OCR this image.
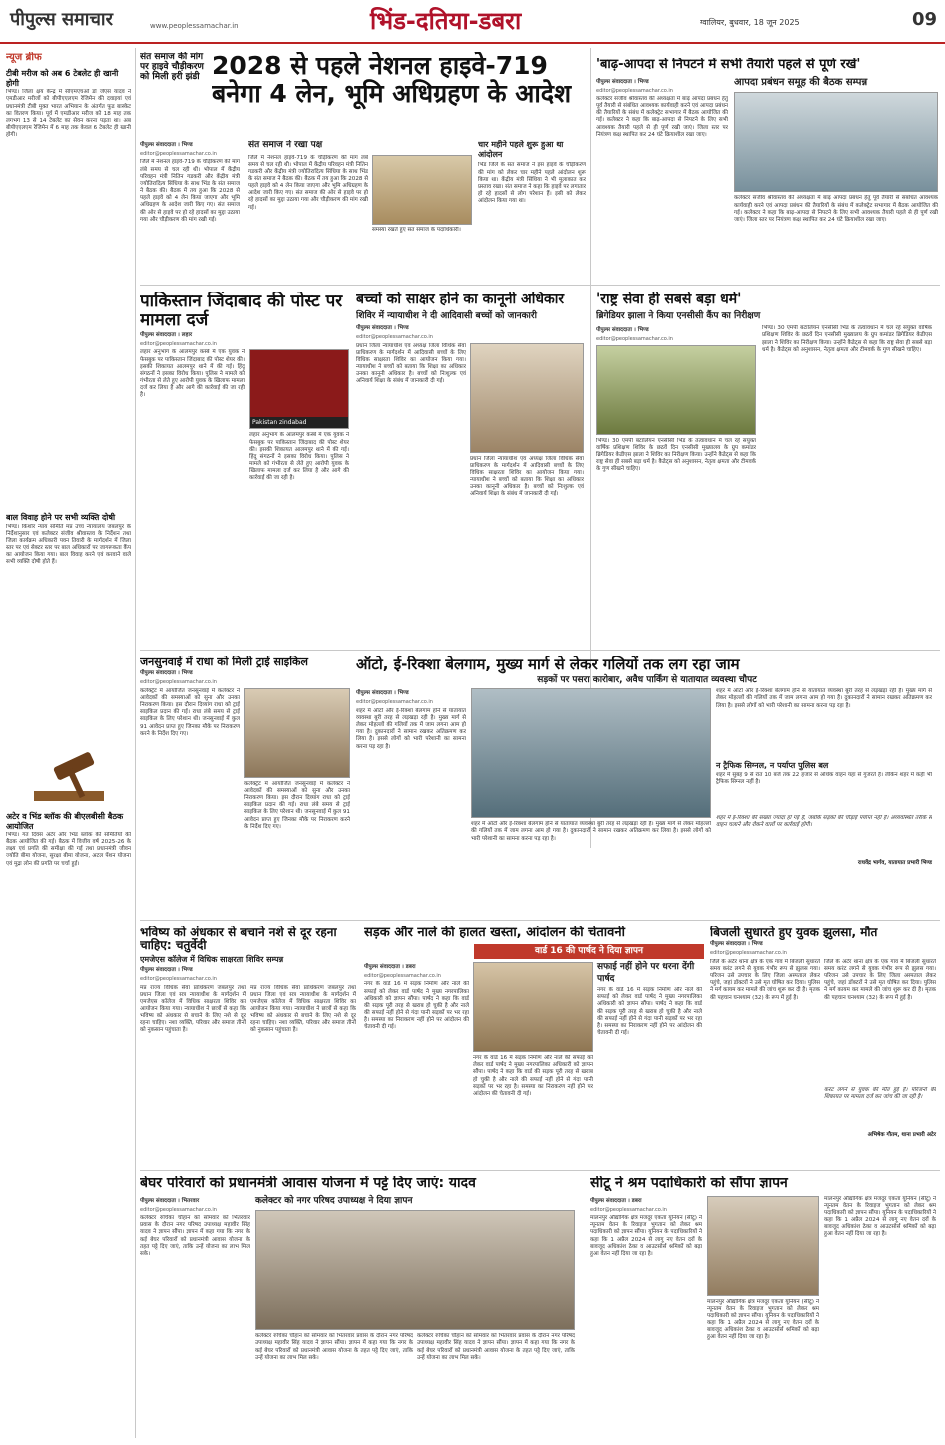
पीपुल्स समाचार	www.peoplessamachar.in	भिंड-दतिया-डबरा	ग्वालियर, बुधवार, 18 जून 2025	09
न्यूज ब्रीफ
टीबी मरीज को अब 6 टेबलेट ही खानी होगी
भिण्ड। जिला क्षय केन्द्र में सीएमएचओ डॉ जेएस यादव ने एमडीआर मरीजों को बीपीएएलएम रेजिमेन की दवाइयां एवं प्रधानमंत्री टीबी मुक्त भारत अभियान के अंतर्गत फूड बास्केट का वितरण किया। पूर्व में एमडीआर मरीज को 18 माह तक लगभग 13 से 14 टेबलेट का सेवन करना पड़ता था। अब बीपीएएलएम रेजिमेन में 6 माह तक केवल 6 टेबलेट ही खानी होगी।
बाल विवाह होने पर सभी व्यक्ति दोषी
भिण्ड। किशोर न्याय समिति मप्र उच्च न्यायालय जबलपुर के निर्देशानुसार एवं कलेक्टर संजीव श्रीवास्तव के निर्देशन तथा जिला कार्यक्रम अधिकारी पवन तिवारी के मार्गदर्शन में जिला स्तर पर एवं सेक्टर स्तर पर बाल अधिकारों पर जागरूकता कैंप का आयोजन किया गया। बाल विवाह करने एवं करवाने वाले सभी व्यक्ति दोषी होते हैं।
अटेर व भिंड ब्लॉक की बीएलबीसी बैठक आयोजित
भिण्ड। गत दिवस अटेर और भिंड ब्लॉक की समितियों की बैठक आयोजित की गई। बैठक में वित्तीय वर्ष 2025-26 के लक्ष्य एवं प्रगति की समीक्षा की गई तथा प्रधानमंत्री जीवन ज्योति बीमा योजना, सुरक्षा बीमा योजना, अटल पेंशन योजना एवं मुद्रा लोन की प्रगति पर चर्चा हुई।
संत समाज की मांग पर हाइवे चौड़ीकरण को मिली हरी झंडी 2028 से पहले नेशनल हाइवे-719 बनेगा 4 लेन, भूमि अधिग्रहण के आदेश
पीपुल्स संवाददाता । भिण्ड
editor@peoplessamachar.co.in
जिले में नेशनल हाइवे-719 के चौड़ीकरण की मांग लंबे समय से चल रही थी। भोपाल में केंद्रीय परिवहन मंत्री नितिन गडकरी और केंद्रीय मंत्री ज्योतिरादित्य सिंधिया के साथ भिंड के संत समाज ने बैठक की। बैठक में तय हुआ कि 2028 से पहले हाइवे को 4 लेन किया जाएगा और भूमि अधिग्रहण के आदेश जारी किए गए। संत समाज की ओर से हाइवे पर हो रहे हादसों का मुद्दा उठाया गया और चौड़ीकरण की मांग रखी गई।
संत समाज ने रखा पक्ष
जिले में नेशनल हाइवे-719 के चौड़ीकरण की मांग लंबे समय से चल रही थी। भोपाल में केंद्रीय परिवहन मंत्री नितिन गडकरी और केंद्रीय मंत्री ज्योतिरादित्य सिंधिया के साथ भिंड के संत समाज ने बैठक की। बैठक में तय हुआ कि 2028 से पहले हाइवे को 4 लेन किया जाएगा और भूमि अधिग्रहण के आदेश जारी किए गए। संत समाज की ओर से हाइवे पर हो रहे हादसों का मुद्दा उठाया गया और चौड़ीकरण की मांग रखी गई।
समस्या रखते हुए संत समाज के पदाधिकारी।
चार महीने पहले शुरू हुआ था आंदोलन
भिंड जिले के संत समाज ने इस हाइवे के चौड़ीकरण की मांग को लेकर चार महीने पहले आंदोलन शुरू किया था। केंद्रीय मंत्री सिंधिया ने भी मुलाकात कर प्रस्ताव रखा। संत समाज ने कहा कि हाइवे पर लगातार हो रहे हादसों से लोग परेशान हैं। इसी को लेकर आंदोलन किया गया था।
'बाढ़-आपदा से निपटने में सभी तैयारी पहले से पूर्ण रखें'
पीपुल्स संवाददाता । भिण्ड
editor@peoplessamachar.co.in
कलेक्टर संजीव श्रीवास्तव की अध्यक्षता में बाढ़ आपदा प्रबंधन हेतु पूर्व तैयारी से संबंधित आवश्यक कार्यवाही करने एवं आपदा प्रबंधन की तैयारियों के संबंध में कलेक्ट्रेट सभागार में बैठक आयोजित की गई। कलेक्टर ने कहा कि बाढ़-आपदा से निपटने के लिए सभी आवश्यक तैयारी पहले से ही पूर्ण रखी जाएं। जिला स्तर पर नियंत्रण कक्ष स्थापित कर 24 घंटे क्रियाशील रखा जाए।
आपदा प्रबंधन समूह की बैठक सम्पन्न
कलेक्टर संजीव श्रीवास्तव की अध्यक्षता में बाढ़ आपदा प्रबंधन हेतु पूर्व तैयारी से संबंधित आवश्यक कार्यवाही करने एवं आपदा प्रबंधन की तैयारियों के संबंध में कलेक्ट्रेट सभागार में बैठक आयोजित की गई। कलेक्टर ने कहा कि बाढ़-आपदा से निपटने के लिए सभी आवश्यक तैयारी पहले से ही पूर्ण रखी जाएं। जिला स्तर पर नियंत्रण कक्ष स्थापित कर 24 घंटे क्रियाशील रखा जाए।
पाकिस्तान जिंदाबाद की पोस्ट पर मामला दर्ज
पीपुल्स संवाददाता । लहार
editor@peoplessamachar.co.in
लहार अनुभाग के आलमपुर कस्बे में एक युवक ने फेसबुक पर पाकिस्तान जिंदाबाद की पोस्ट शेयर की। इसकी शिकायत आलमपुर थाने में की गई। हिंदू संगठनों ने इसका विरोध किया। पुलिस ने मामले को गंभीरता से लेते हुए आरोपी युवक के खिलाफ मामला दर्ज कर लिया है और आगे की कार्रवाई की जा रही है।
Pakistan zindabad
लहार अनुभाग के आलमपुर कस्बे में एक युवक ने फेसबुक पर पाकिस्तान जिंदाबाद की पोस्ट शेयर की। इसकी शिकायत आलमपुर थाने में की गई। हिंदू संगठनों ने इसका विरोध किया। पुलिस ने मामले को गंभीरता से लेते हुए आरोपी युवक के खिलाफ मामला दर्ज कर लिया है और आगे की कार्रवाई की जा रही है।
बच्चों को साक्षर होने का कानूनी अधिकार
शिविर में न्यायाधीश ने दी आदिवासी बच्चों को जानकारी
पीपुल्स संवाददाता । भिण्ड
editor@peoplessamachar.co.in
प्रधान जिला न्यायाधीश एवं अध्यक्ष जिला विधिक सेवा प्राधिकरण के मार्गदर्शन में आदिवासी बच्चों के लिए विधिक साक्षरता शिविर का आयोजन किया गया। न्यायाधीश ने बच्चों को बताया कि शिक्षा का अधिकार उनका कानूनी अधिकार है। बच्चों को निःशुल्क एवं अनिवार्य शिक्षा के संबंध में जानकारी दी गई।
प्रधान जिला न्यायाधीश एवं अध्यक्ष जिला विधिक सेवा प्राधिकरण के मार्गदर्शन में आदिवासी बच्चों के लिए विधिक साक्षरता शिविर का आयोजन किया गया। न्यायाधीश ने बच्चों को बताया कि शिक्षा का अधिकार उनका कानूनी अधिकार है। बच्चों को निःशुल्क एवं अनिवार्य शिक्षा के संबंध में जानकारी दी गई।
'राष्ट्र सेवा ही सबसे बड़ा धर्म'
ब्रिगेडियर झाला ने किया एनसीसी कैंप का निरीक्षण
पीपुल्स संवाददाता । भिण्ड
editor@peoplessamachar.co.in
भिण्ड। 30 एमपी बटालियन एनसीसी भिंड के तत्वावधान में चल रहे संयुक्त वार्षिक प्रशिक्षण शिविर के छठवें दिन एनसीसी मुख्यालय के ग्रुप कमांडर ब्रिगेडियर केडीएस झाला ने शिविर का निरीक्षण किया। उन्होंने कैडेट्स से कहा कि राष्ट्र सेवा ही सबसे बड़ा धर्म है। कैडेट्स को अनुशासन, नेतृत्व क्षमता और टीमवर्क के गुण सीखने चाहिए।
भिण्ड। 30 एमपी बटालियन एनसीसी भिंड के तत्वावधान में चल रहे संयुक्त वार्षिक प्रशिक्षण शिविर के छठवें दिन एनसीसी मुख्यालय के ग्रुप कमांडर ब्रिगेडियर केडीएस झाला ने शिविर का निरीक्षण किया। उन्होंने कैडेट्स से कहा कि राष्ट्र सेवा ही सबसे बड़ा धर्म है। कैडेट्स को अनुशासन, नेतृत्व क्षमता और टीमवर्क के गुण सीखने चाहिए।
जनसुनवाई में राधा को मिली ट्राई साइकिल
पीपुल्स संवाददाता । भिण्ड
editor@peoplessamachar.co.in
कलेक्ट्रेट में आयोजित जनसुनवाई में कलेक्टर ने आवेदकों की समस्याओं को सुना और उनका निराकरण किया। इस दौरान दिव्यांग राधा को ट्राई साइकिल प्रदान की गई। राधा लंबे समय से ट्राई साइकिल के लिए परेशान थी। जनसुनवाई में कुल 91 आवेदन प्राप्त हुए जिनका मौके पर निराकरण करने के निर्देश दिए गए।
कलेक्ट्रेट में आयोजित जनसुनवाई में कलेक्टर ने आवेदकों की समस्याओं को सुना और उनका निराकरण किया। इस दौरान दिव्यांग राधा को ट्राई साइकिल प्रदान की गई। राधा लंबे समय से ट्राई साइकिल के लिए परेशान थी। जनसुनवाई में कुल 91 आवेदन प्राप्त हुए जिनका मौके पर निराकरण करने के निर्देश दिए गए।
ऑटो, ई-रिक्शा बेलगाम, मुख्य मार्ग से लेकर गलियों तक लग रहा जाम
सड़कों पर पसरा कारोबार, अवैध पार्किंग से यातायात व्यवस्था चौपट
पीपुल्स संवाददाता । भिण्ड
editor@peoplessamachar.co.in
शहर में ऑटो और ई-रिक्शा बेलगाम होने से यातायात व्यवस्था बुरी तरह से लड़खड़ा रही है। मुख्य मार्ग से लेकर मोहल्लों की गलियों तक में जाम लगना आम हो गया है। दुकानदारों ने सामान रखकर अतिक्रमण कर लिया है। इससे लोगों को भारी परेशानी का सामना करना पड़ रहा है।
शहर में ऑटो और ई-रिक्शा बेलगाम होने से यातायात व्यवस्था बुरी तरह से लड़खड़ा रही है। मुख्य मार्ग से लेकर मोहल्लों की गलियों तक में जाम लगना आम हो गया है। दुकानदारों ने सामान रखकर अतिक्रमण कर लिया है। इससे लोगों को भारी परेशानी का सामना करना पड़ रहा है।
शहर में ऑटो और ई-रिक्शा बेलगाम होने से यातायात व्यवस्था बुरी तरह से लड़खड़ा रही है। मुख्य मार्ग से लेकर मोहल्लों की गलियों तक में जाम लगना आम हो गया है। दुकानदारों ने सामान रखकर अतिक्रमण कर लिया है। इससे लोगों को भारी परेशानी का सामना करना पड़ रहा है।
न ट्रैफिक सिग्नल, न पर्याप्त पुलिस बल
शहर में सुबह 9 से रात 10 बजे तक 22 हजार से अधिक वाहन यहां से गुजरते हैं। लेकिन शहर में कहीं भी ट्रैफिक सिग्नल नहीं है।
शहर में ई-रिक्शा की संख्या ज्यादा हो गई है, जबकि सड़कों की चौड़ाई पर्याप्त नहीं है। अव्यवस्थित तरीके से वाहन चलाने और रोकने वालों पर कार्रवाई होगी।
राधवेंद्र भार्गव, यातायात प्रभारी भिण्ड
भविष्य को अंधकार से बचाने नशे से दूर रहना चाहिए: चतुर्वेदी
एमजेएस कॉलेज में विधिक साक्षरता शिविर सम्पन्न
पीपुल्स संवाददाता । भिण्ड
editor@peoplessamachar.co.in
मप्र राज्य विधिक सेवा प्राधिकरण जबलपुर तथा प्रधान जिला एवं सत्र न्यायाधीश के मार्गदर्शन में एमजेएस कॉलेज में विधिक साक्षरता शिविर का आयोजन किया गया। न्यायाधीश ने छात्रों से कहा कि भविष्य को अंधकार से बचाने के लिए नशे से दूर रहना चाहिए। नशा व्यक्ति, परिवार और समाज तीनों को नुकसान पहुंचाता है।
मप्र राज्य विधिक सेवा प्राधिकरण जबलपुर तथा प्रधान जिला एवं सत्र न्यायाधीश के मार्गदर्शन में एमजेएस कॉलेज में विधिक साक्षरता शिविर का आयोजन किया गया। न्यायाधीश ने छात्रों से कहा कि भविष्य को अंधकार से बचाने के लिए नशे से दूर रहना चाहिए। नशा व्यक्ति, परिवार और समाज तीनों को नुकसान पहुंचाता है।
सड़क और नाले की हालत खस्ता, आंदोलन की चेतावनी
वार्ड 16 की पार्षद ने दिया ज्ञापन
पीपुल्स संवाददाता । डबरा
editor@peoplessamachar.co.in
नगर के वार्ड 16 में सड़क निर्माण और नाले की सफाई को लेकर वार्ड पार्षद ने मुख्य नगरपालिका अधिकारी को ज्ञापन सौंपा। पार्षद ने कहा कि वार्ड की सड़क पूरी तरह से खराब हो चुकी है और नाले की सफाई नहीं होने से गंदा पानी सड़कों पर भर रहा है। समस्या का निराकरण नहीं होने पर आंदोलन की चेतावनी दी गई।
नगर के वार्ड 16 में सड़क निर्माण और नाले की सफाई को लेकर वार्ड पार्षद ने मुख्य नगरपालिका अधिकारी को ज्ञापन सौंपा। पार्षद ने कहा कि वार्ड की सड़क पूरी तरह से खराब हो चुकी है और नाले की सफाई नहीं होने से गंदा पानी सड़कों पर भर रहा है। समस्या का निराकरण नहीं होने पर आंदोलन की चेतावनी दी गई।
सफाई नहीं होने पर धरना देंगी पार्षद
नगर के वार्ड 16 में सड़क निर्माण और नाले की सफाई को लेकर वार्ड पार्षद ने मुख्य नगरपालिका अधिकारी को ज्ञापन सौंपा। पार्षद ने कहा कि वार्ड की सड़क पूरी तरह से खराब हो चुकी है और नाले की सफाई नहीं होने से गंदा पानी सड़कों पर भर रहा है। समस्या का निराकरण नहीं होने पर आंदोलन की चेतावनी दी गई।
बिजली सुधारते हुए युवक झुलसा, मौत
पीपुल्स संवाददाता । भिण्ड
editor@peoplessamachar.co.in
जिले के अटेर थाना क्षेत्र के एक गांव में बिजली सुधारते समय करंट लगने से युवक गंभीर रूप से झुलस गया। परिजन उसे उपचार के लिए जिला अस्पताल लेकर पहुंचे, जहां डॉक्टरों ने उसे मृत घोषित कर दिया। पुलिस ने मर्ग कायम कर मामले की जांच शुरू कर दी है। मृतक की पहचान घनश्याम (32) के रूप में हुई है।
जिले के अटेर थाना क्षेत्र के एक गांव में बिजली सुधारते समय करंट लगने से युवक गंभीर रूप से झुलस गया। परिजन उसे उपचार के लिए जिला अस्पताल लेकर पहुंचे, जहां डॉक्टरों ने उसे मृत घोषित कर दिया। पुलिस ने मर्ग कायम कर मामले की जांच शुरू कर दी है। मृतक की पहचान घनश्याम (32) के रूप में हुई है।
करंट लगने से युवक की मौत हुई है। परिजनों की शिकायत पर मामला दर्ज कर जांच की जा रही है।
अभिषेक गौतम, थाना प्रभारी अटेर
बेघर परिवारों को प्रधानमंत्री आवास योजना में पट्टे दिए जाएं: यादव
पीपुल्स संवाददाता । भितरवार
editor@peoplessamachar.co.in
कलेक्टर रुचिका चौहान को सोमवार को भितरवार प्रवास के दौरान नगर परिषद उपाध्यक्ष महावीर सिंह यादव ने ज्ञापन सौंपा। ज्ञापन में कहा गया कि नगर के कई बेघर परिवारों को प्रधानमंत्री आवास योजना के तहत पट्टे दिए जाएं, ताकि उन्हें योजना का लाभ मिल सके।
कलेक्टर को नगर परिषद उपाध्यक्ष ने दिया ज्ञापन
कलेक्टर रुचिका चौहान को सोमवार को भितरवार प्रवास के दौरान नगर परिषद उपाध्यक्ष महावीर सिंह यादव ने ज्ञापन सौंपा। ज्ञापन में कहा गया कि नगर के कई बेघर परिवारों को प्रधानमंत्री आवास योजना के तहत पट्टे दिए जाएं, ताकि उन्हें योजना का लाभ मिल सके।
कलेक्टर रुचिका चौहान को सोमवार को भितरवार प्रवास के दौरान नगर परिषद उपाध्यक्ष महावीर सिंह यादव ने ज्ञापन सौंपा। ज्ञापन में कहा गया कि नगर के कई बेघर परिवारों को प्रधानमंत्री आवास योजना के तहत पट्टे दिए जाएं, ताकि उन्हें योजना का लाभ मिल सके।
सीटू ने श्रम पदाधिकारी को सौंपा ज्ञापन
पीपुल्स संवाददाता । डबरा
editor@peoplessamachar.co.in
मालनपुर औद्योगिक क्षेत्र मजदूर एकता यूनियन (सीटू) ने न्यूनतम वेतन के रिवाइज भुगतान को लेकर श्रम पदाधिकारी को ज्ञापन सौंपा। यूनियन के पदाधिकारियों ने कहा कि 1 अप्रैल 2024 से लागू नए वेतन दरों के बावजूद अधिकांश ठेका व आउटसोर्स श्रमिकों को बढ़ा हुआ वेतन नहीं दिया जा रहा है।
मालनपुर औद्योगिक क्षेत्र मजदूर एकता यूनियन (सीटू) ने न्यूनतम वेतन के रिवाइज भुगतान को लेकर श्रम पदाधिकारी को ज्ञापन सौंपा। यूनियन के पदाधिकारियों ने कहा कि 1 अप्रैल 2024 से लागू नए वेतन दरों के बावजूद अधिकांश ठेका व आउटसोर्स श्रमिकों को बढ़ा हुआ वेतन नहीं दिया जा रहा है।
मालनपुर औद्योगिक क्षेत्र मजदूर एकता यूनियन (सीटू) ने न्यूनतम वेतन के रिवाइज भुगतान को लेकर श्रम पदाधिकारी को ज्ञापन सौंपा। यूनियन के पदाधिकारियों ने कहा कि 1 अप्रैल 2024 से लागू नए वेतन दरों के बावजूद अधिकांश ठेका व आउटसोर्स श्रमिकों को बढ़ा हुआ वेतन नहीं दिया जा रहा है।
